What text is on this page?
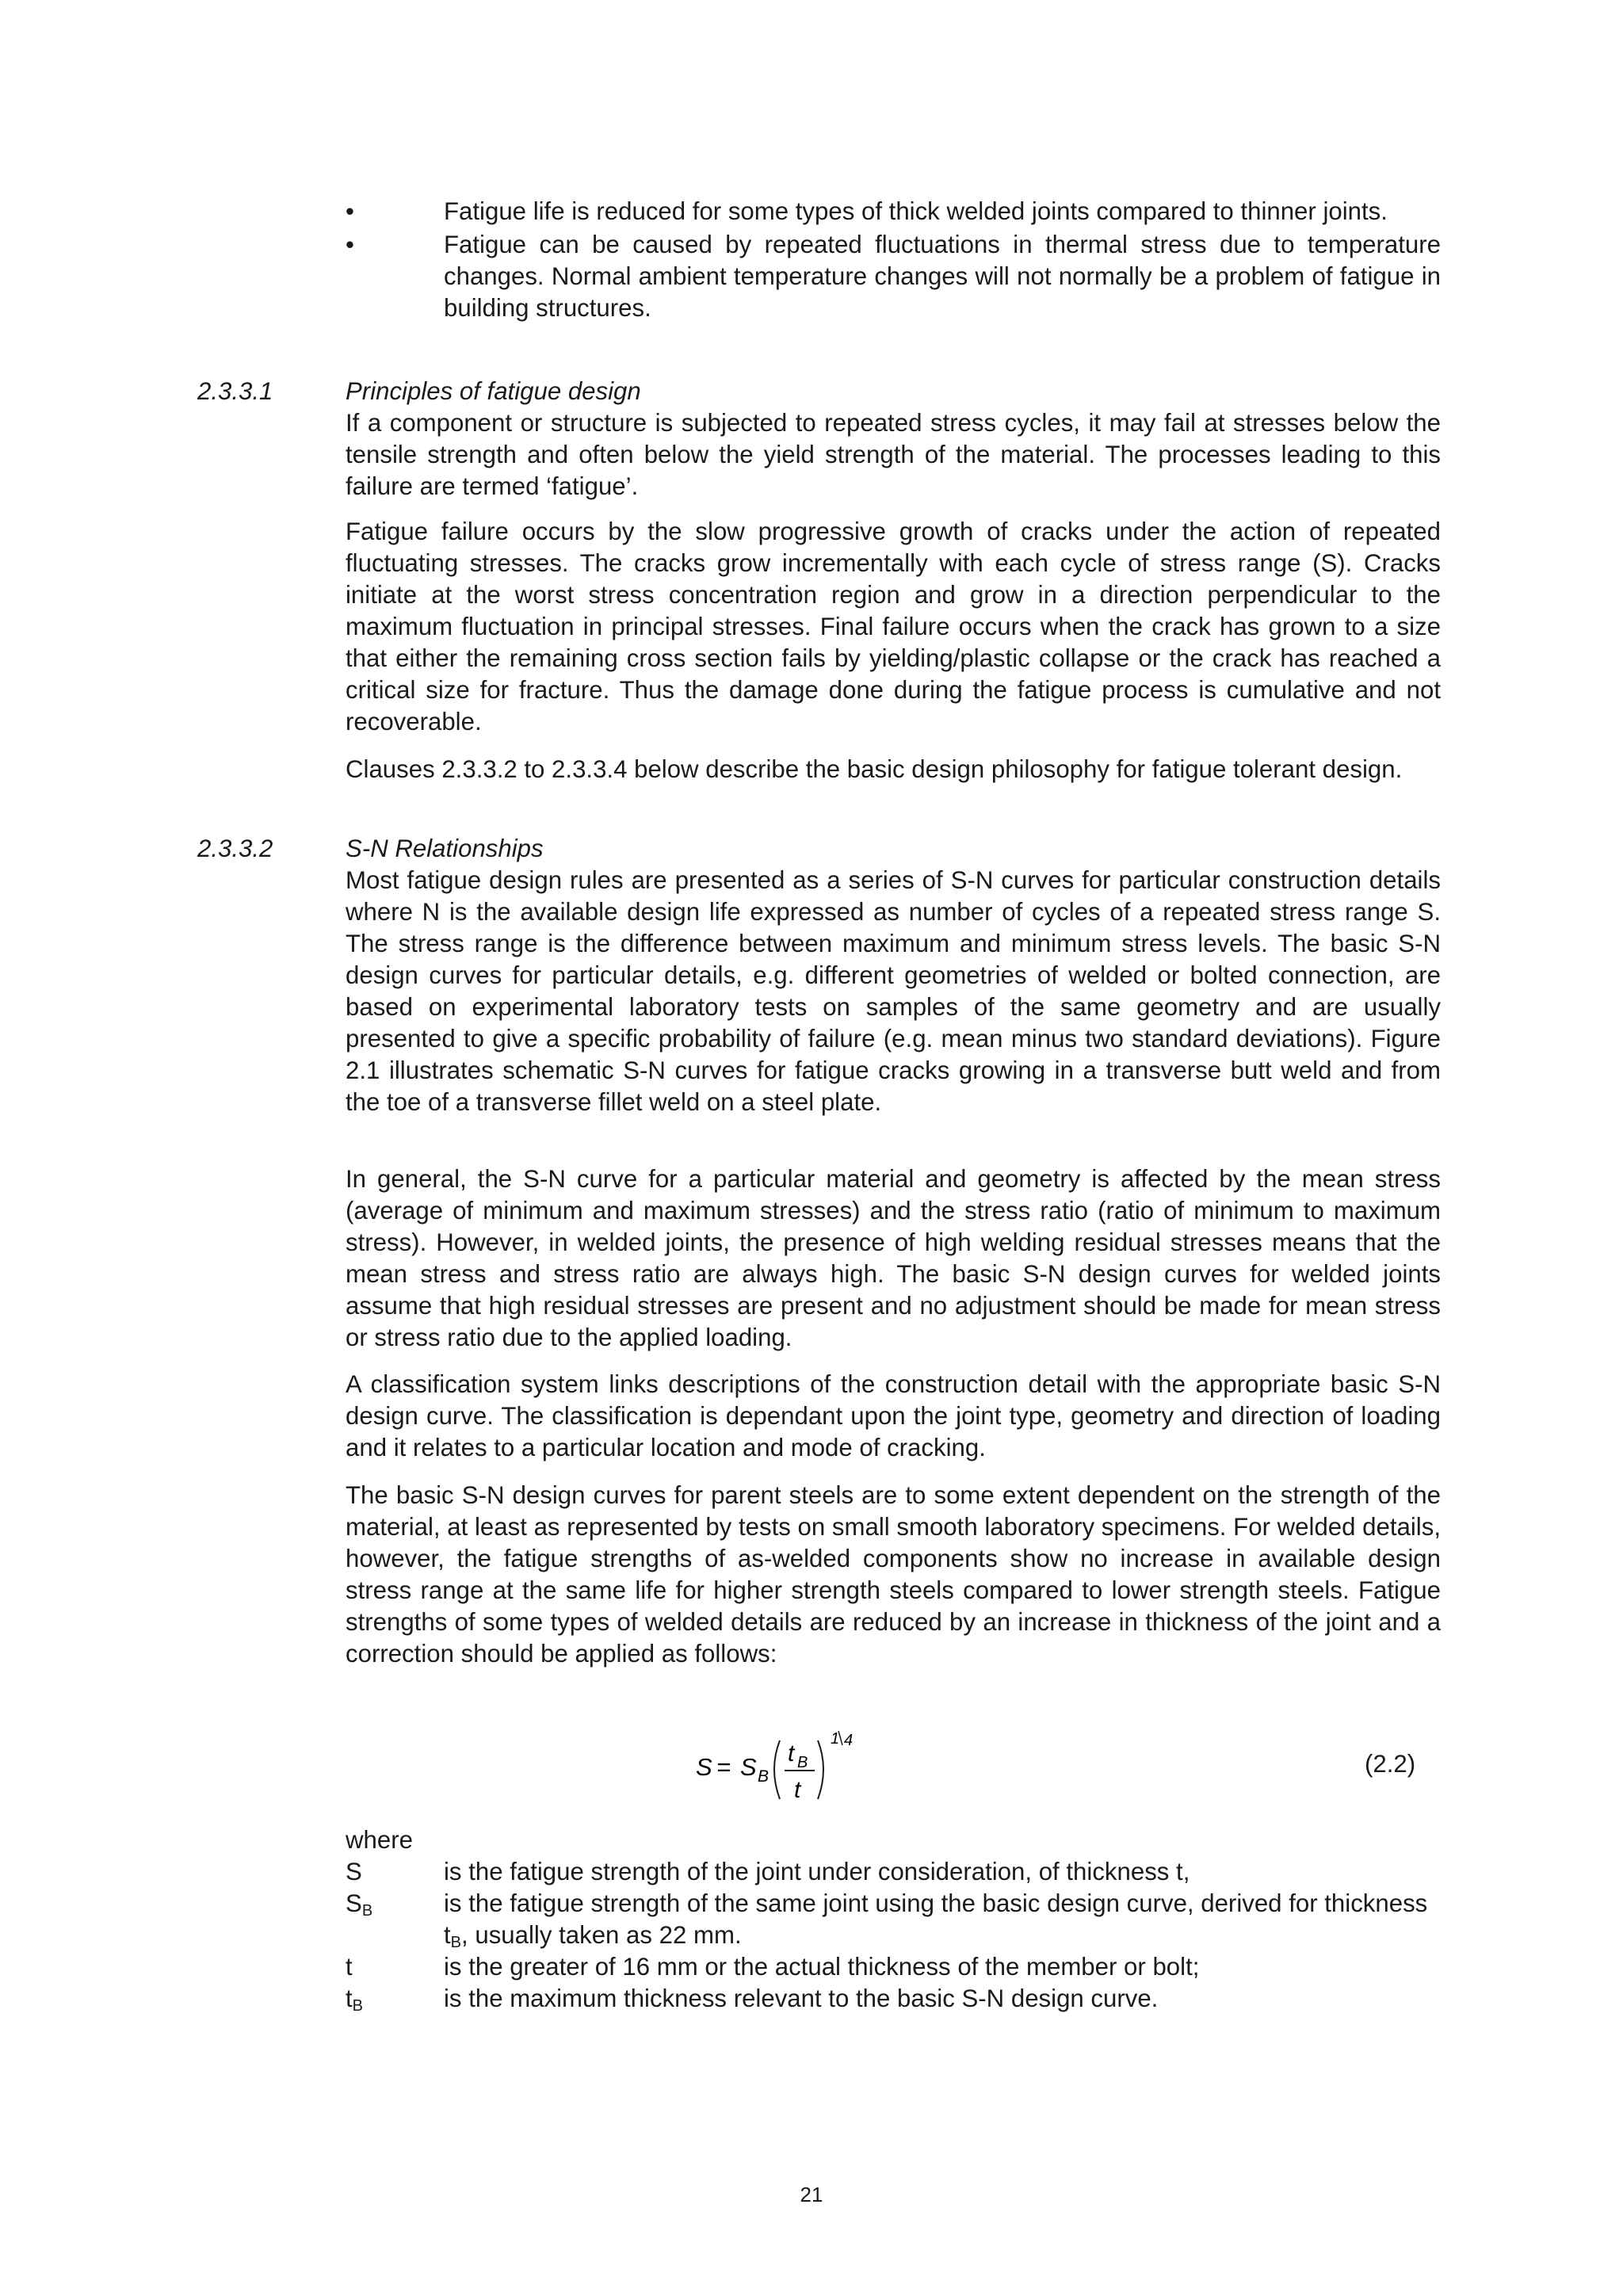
•	Fatigue life is reduced for some types of thick welded joints compared to thinner joints.
•	Fatigue can be caused by repeated fluctuations in thermal stress due to temperature changes. Normal ambient temperature changes will not normally be a problem of fatigue in building structures.
2.3.3.1	Principles of fatigue design

If a component or structure is subjected to repeated stress cycles, it may fail at stresses below the tensile strength and often below the yield strength of the material. The processes leading to this failure are termed ‘fatigue’.

Fatigue failure occurs by the slow progressive growth of cracks under the action of repeated fluctuating stresses. The cracks grow incrementally with each cycle of stress range (S). Cracks initiate at the worst stress concentration region and grow in a direction perpendicular to the maximum fluctuation in principal stresses. Final failure occurs when the crack has grown to a size that either the remaining cross section fails by yielding/plastic collapse or the crack has reached a critical size for fracture. Thus the damage done during the fatigue process is cumulative and not recoverable.

Clauses 2.3.3.2 to 2.3.3.4 below describe the basic design philosophy for fatigue tolerant design.

2.3.3.2	S-N Relationships

Most fatigue design rules are presented as a series of S-N curves for particular construction details where N is the available design life expressed as number of cycles of a repeated stress range S. The stress range is the difference between maximum and minimum stress levels. The basic S-N design curves for particular details, e.g. different geometries of welded or bolted connection, are based on experimental laboratory tests on samples of the same geometry and are usually presented to give a specific probability of failure (e.g. mean minus two standard deviations). Figure 2.1 illustrates schematic S-N curves for fatigue cracks growing in a transverse butt weld and from the toe of a transverse fillet weld on a steel plate.

In general, the S-N curve for a particular material and geometry is affected by the mean stress (average of minimum and maximum stresses) and the stress ratio (ratio of minimum to maximum stress). However, in welded joints, the presence of high welding residual stresses means that the mean stress and stress ratio are always high. The basic S-N design curves for welded joints assume that high residual stresses are present and no adjustment should be made for mean stress or stress ratio due to the applied loading.

A classification system links descriptions of the construction detail with the appropriate basic S-N design curve. The classification is dependant upon the joint type, geometry and direction of loading and it relates to a particular location and mode of cracking.

The basic S-N design curves for parent steels are to some extent dependent on the strength of the material, at least as represented by tests on small smooth laboratory specimens. For welded details, however, the fatigue strengths of as-welded components show no increase in available design stress range at the same life for higher strength steels compared to lower strength steels. Fatigue strengths of some types of welded details are reduced by an increase in thickness of the joint and a correction should be applied as follows:

S = S B
t B
t
1 4
(2.2)
where
S	is the fatigue strength of the joint under consideration, of thickness t,
$S_B$	is the fatigue strength of the same joint using the basic design curve, derived for thickness $t_B$, usually taken as 22 mm.
t	is the greater of 16 mm or the actual thickness of the member or bolt;
$t_B$	is the maximum thickness relevant to the basic S-N design curve.
21
